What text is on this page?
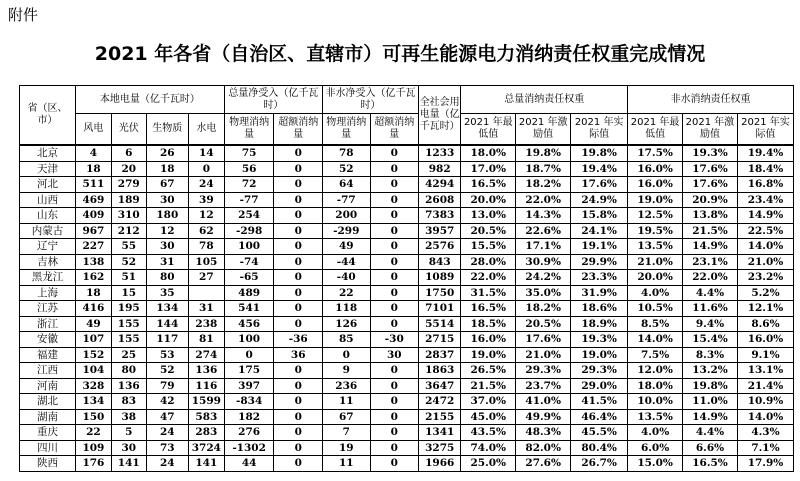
附件
2021 年各省（自治区、直辖市）可再生能源电力消纳责任权重完成情况
省（区、市）	本地电量（亿千瓦时）				总量净受入（亿千瓦时）		非水净受入（亿千瓦时）		全社会用电量（亿千瓦时）	总量消纳责任权重			非水消纳责任权重		
	风电	光伏	生物质	水电	物理消纳量	超额消纳量	物理消纳量	超额消纳量		2021 年最低值	2021 年激励值	2021 年实际值	2021 年最低值	2021 年激励值	2021 年实际值
北京	4	6	26	14	75	0	78	0	1233	18.0%	19.8%	19.8%	17.5%	19.3%	19.4%
天津	18	20	18	0	56	0	52	0	982	17.0%	18.7%	19.4%	16.0%	17.6%	18.4%
河北	511	279	67	24	72	0	64	0	4294	16.5%	18.2%	17.6%	16.0%	17.6%	16.8%
山西	469	189	30	39	-77	0	-77	0	2608	20.0%	22.0%	24.9%	19.0%	20.9%	23.4%
山东	409	310	180	12	254	0	200	0	7383	13.0%	14.3%	15.8%	12.5%	13.8%	14.9%
内蒙古	967	212	12	62	-298	0	-299	0	3957	20.5%	22.6%	24.1%	19.5%	21.5%	22.5%
辽宁	227	55	30	78	100	0	49	0	2576	15.5%	17.1%	19.1%	13.5%	14.9%	14.0%
吉林	138	52	31	105	-74	0	-44	0	843	28.0%	30.9%	29.9%	21.0%	23.1%	21.0%
黑龙江	162	51	80	27	-65	0	-40	0	1089	22.0%	24.2%	23.3%	20.0%	22.0%	23.2%
上海	18	15	35		489	0	22	0	1750	31.5%	35.0%	31.9%	4.0%	4.4%	5.2%
江苏	416	195	134	31	541	0	118	0	7101	16.5%	18.2%	18.6%	10.5%	11.6%	12.1%
浙江	49	155	144	238	456	0	126	0	5514	18.5%	20.5%	18.9%	8.5%	9.4%	8.6%
安徽	107	155	117	81	100	-36	85	-30	2715	16.0%	17.6%	19.3%	14.0%	15.4%	16.0%
福建	152	25	53	274	0	36	0	30	2837	19.0%	21.0%	19.0%	7.5%	8.3%	9.1%
江西	104	80	52	136	175	0	9	0	1863	26.5%	29.3%	29.3%	12.0%	13.2%	13.1%
河南	328	136	79	116	397	0	236	0	3647	21.5%	23.7%	29.0%	18.0%	19.8%	21.4%
湖北	134	83	42	1599	-834	0	11	0	2472	37.0%	41.0%	41.5%	10.0%	11.0%	10.9%
湖南	150	38	47	583	182	0	67	0	2155	45.0%	49.9%	46.4%	13.5%	14.9%	14.0%
重庆	22	5	24	283	276	0	7	0	1341	43.5%	48.3%	45.5%	4.0%	4.4%	4.3%
四川	109	30	73	3724	-1302	0	19	0	3275	74.0%	82.0%	80.4%	6.0%	6.6%	7.1%
陕西	176	141	24	141	44	0	11	0	1966	25.0%	27.6%	26.7%	15.0%	16.5%	17.9%
